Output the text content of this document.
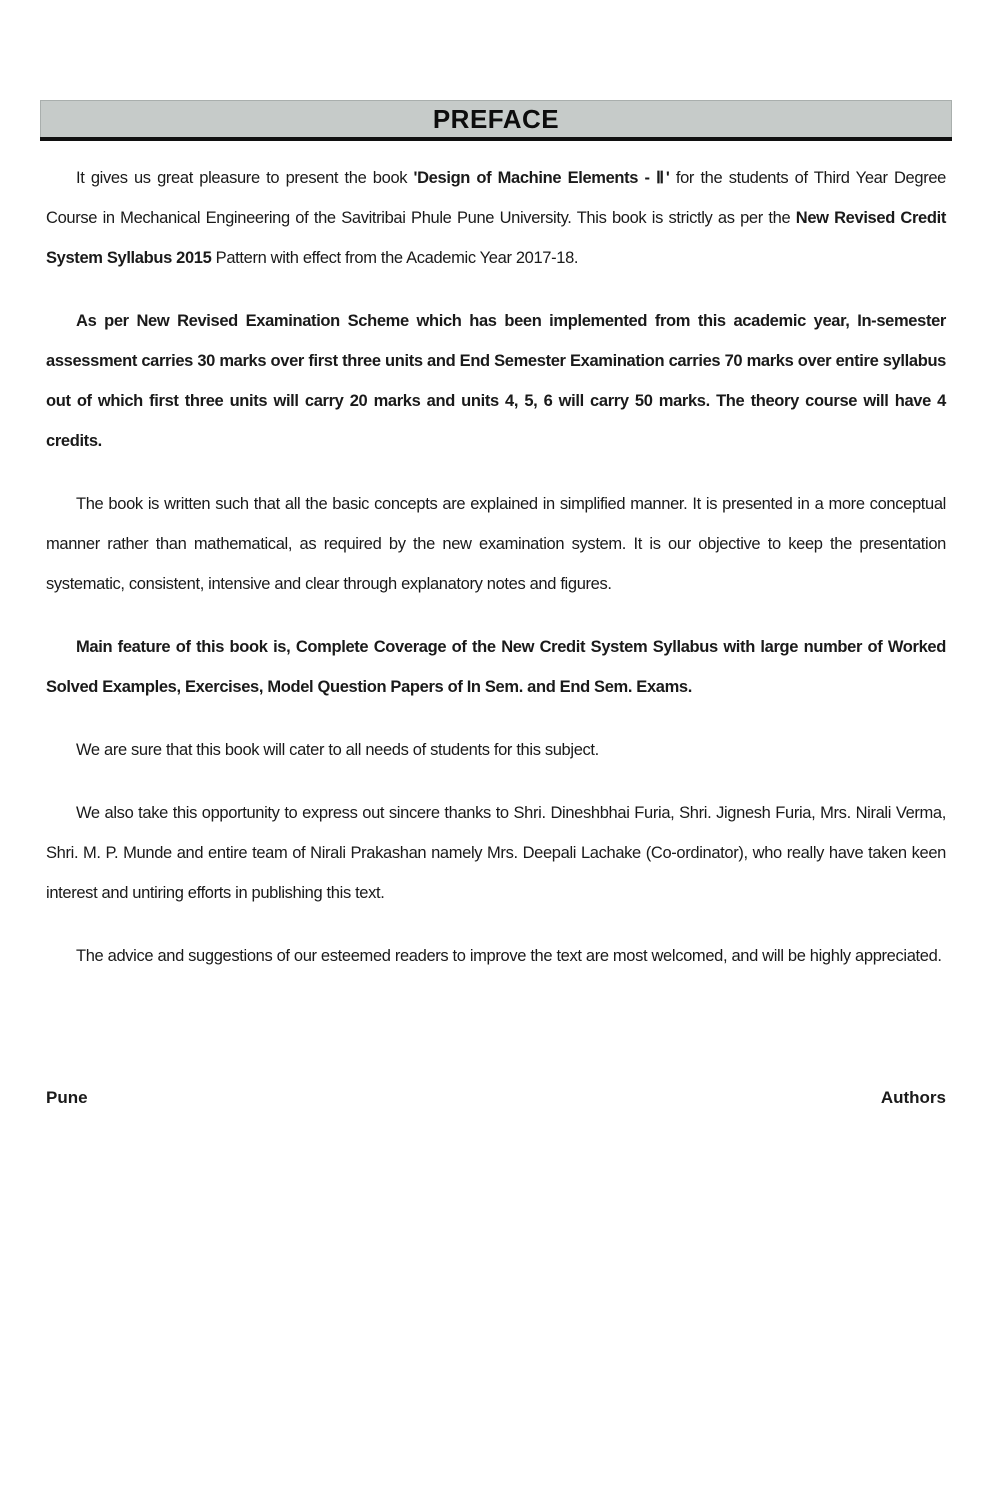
PREFACE

It gives us great pleasure to present the book 'Design of Machine Elements - Ⅱ' for the students of Third Year Degree Course in Mechanical Engineering of the Savitribai Phule Pune University. This book is strictly as per the New Revised Credit System Syllabus 2015 Pattern with effect from the Academic Year 2017-18.

As per New Revised Examination Scheme which has been implemented from this academic year, In-semester assessment carries 30 marks over first three units and End Semester Examination carries 70 marks over entire syllabus out of which first three units will carry 20 marks and units 4, 5, 6 will carry 50 marks. The theory course will have 4 credits.

The book is written such that all the basic concepts are explained in simplified manner. It is presented in a more conceptual manner rather than mathematical, as required by the new examination system. It is our objective to keep the presentation systematic, consistent, intensive and clear through explanatory notes and figures.

Main feature of this book is, Complete Coverage of the New Credit System Syllabus with large number of Worked Solved Examples, Exercises, Model Question Papers of In Sem. and End Sem. Exams.

We are sure that this book will cater to all needs of students for this subject.

We also take this opportunity to express out sincere thanks to Shri. Dineshbhai Furia, Shri. Jignesh Furia, Mrs. Nirali Verma, Shri. M. P. Munde and entire team of Nirali Prakashan namely Mrs. Deepali Lachake (Co-ordinator), who really have taken keen interest and untiring efforts in publishing this text.

The advice and suggestions of our esteemed readers to improve the text are most welcomed, and will be highly appreciated.

Pune	Authors
